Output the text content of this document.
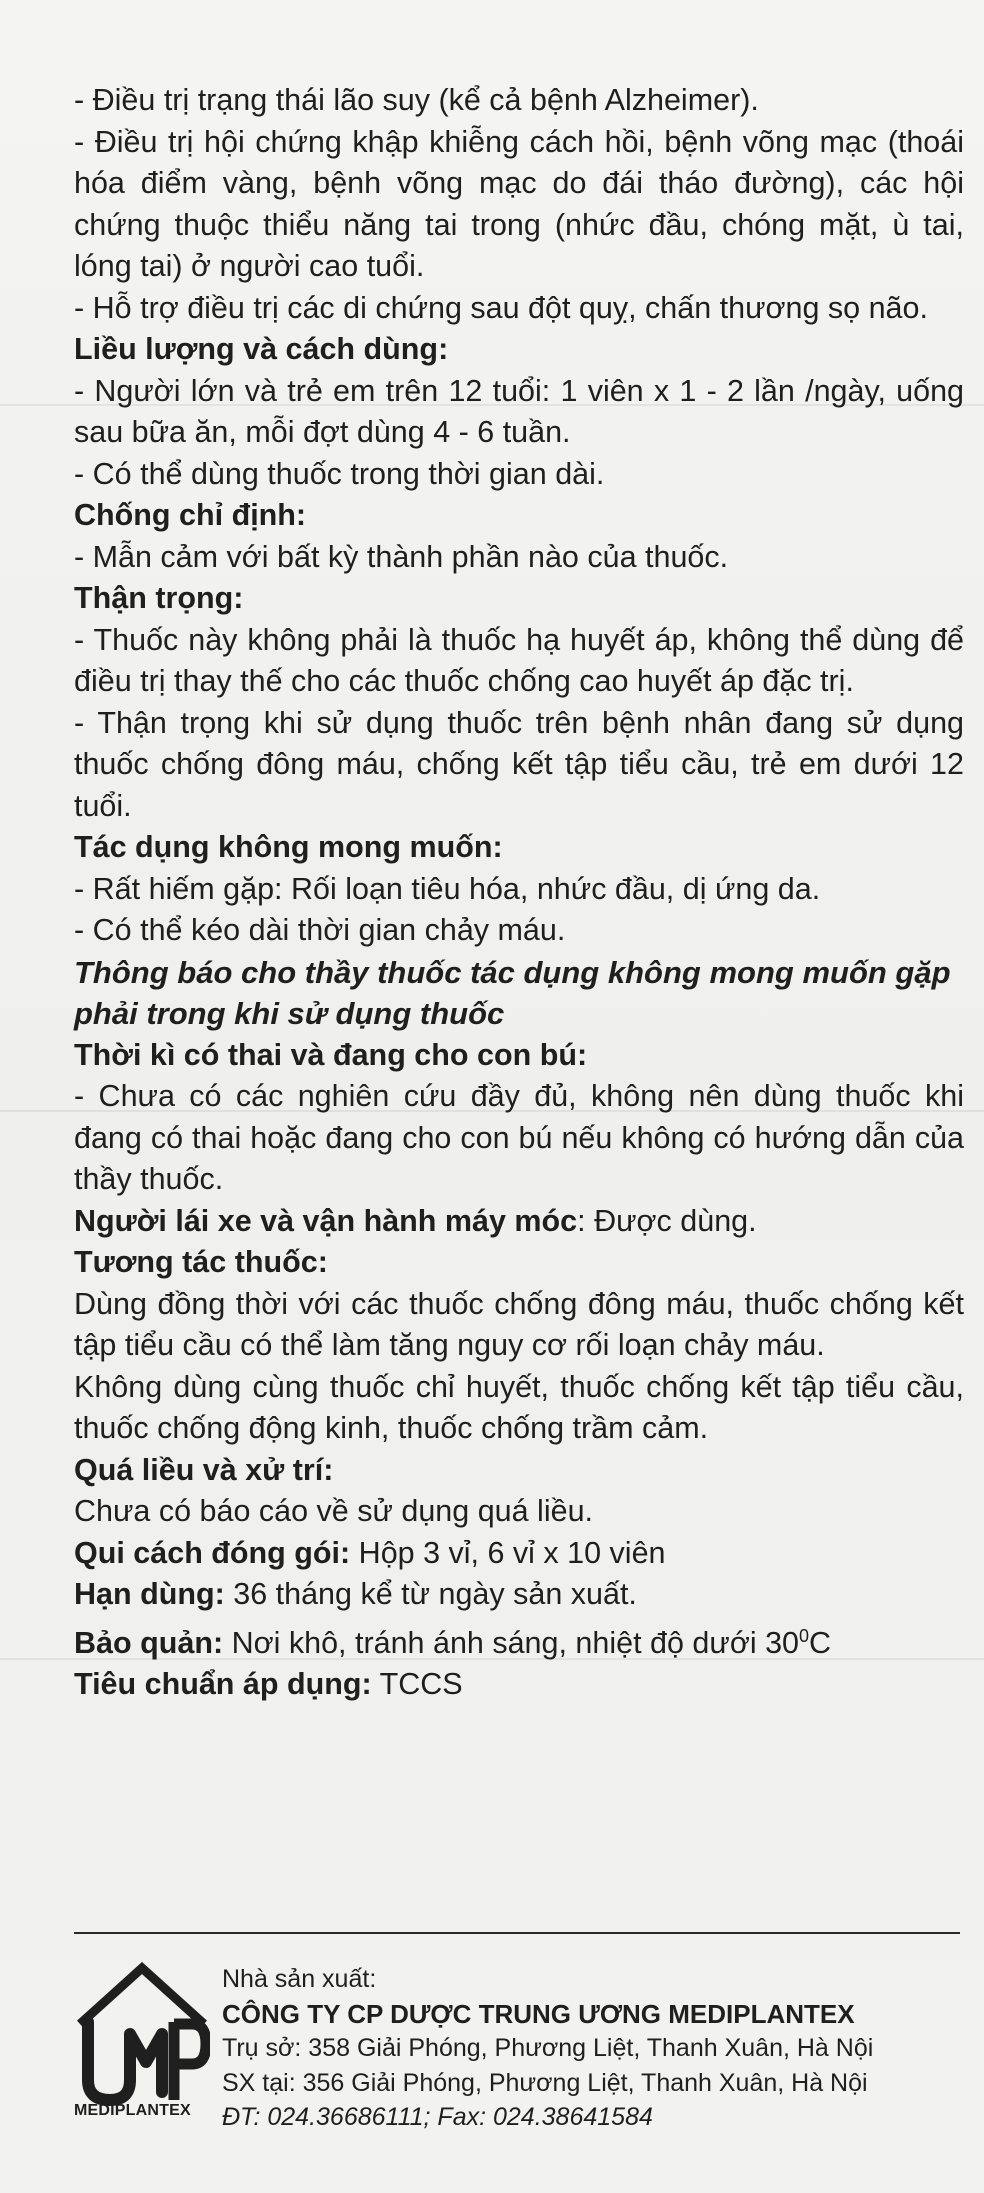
- Điều trị trạng thái lão suy (kể cả bệnh Alzheimer).

- Điều trị hội chứng khập khiễng cách hồi, bệnh võng mạc (thoái hóa điểm vàng, bệnh võng mạc do đái tháo đường), các hội chứng thuộc thiểu năng tai trong (nhức đầu, chóng mặt, ù tai, lóng tai) ở người cao tuổi.

- Hỗ trợ điều trị các di chứng sau đột quỵ, chấn thương sọ não.

Liều lượng và cách dùng:

- Người lớn và trẻ em trên 12 tuổi: 1 viên x 1 - 2 lần /ngày, uống sau bữa ăn, mỗi đợt dùng 4 - 6 tuần.

- Có thể dùng thuốc trong thời gian dài.

Chống chỉ định:

- Mẫn cảm với bất kỳ thành phần nào của thuốc.

Thận trọng:

- Thuốc này không phải là thuốc hạ huyết áp, không thể dùng để điều trị thay thế cho các thuốc chống cao huyết áp đặc trị.

- Thận trọng khi sử dụng thuốc trên bệnh nhân đang sử dụng thuốc chống đông máu, chống kết tập tiểu cầu, trẻ em dưới 12 tuổi.

Tác dụng không mong muốn:

- Rất hiếm gặp: Rối loạn tiêu hóa, nhức đầu, dị ứng da.

- Có thể kéo dài thời gian chảy máu.

Thông báo cho thầy thuốc tác dụng không mong muốn gặp phải trong khi sử dụng thuốc

Thời kì có thai và đang cho con bú:

- Chưa có các nghiên cứu đầy đủ, không nên dùng thuốc khi đang có thai hoặc đang cho con bú nếu không có hướng dẫn của thầy thuốc.

Người lái xe và vận hành máy móc: Được dùng.

Tương tác thuốc:

Dùng đồng thời với các thuốc chống đông máu, thuốc chống kết tập tiểu cầu có thể làm tăng nguy cơ rối loạn chảy máu.

Không dùng cùng thuốc chỉ huyết, thuốc chống kết tập tiểu cầu, thuốc chống động kinh, thuốc chống trầm cảm.

Quá liều và xử trí:

Chưa có báo cáo về sử dụng quá liều.

Qui cách đóng gói: Hộp 3 vỉ, 6 vỉ x 10 viên

Hạn dùng: 36 tháng kể từ ngày sản xuất.

Bảo quản: Nơi khô, tránh ánh sáng, nhiệt độ dưới $30^0C$

Tiêu chuẩn áp dụng: TCCS

MEDIPLANTEX
Nhà sản xuất:
CÔNG TY CP DƯỢC TRUNG ƯƠNG MEDIPLANTEX
Trụ sở: 358 Giải Phóng, Phương Liệt, Thanh Xuân, Hà Nội
SX tại: 356 Giải Phóng, Phương Liệt, Thanh Xuân, Hà Nội
ĐT: 024.36686111; Fax: 024.38641584
